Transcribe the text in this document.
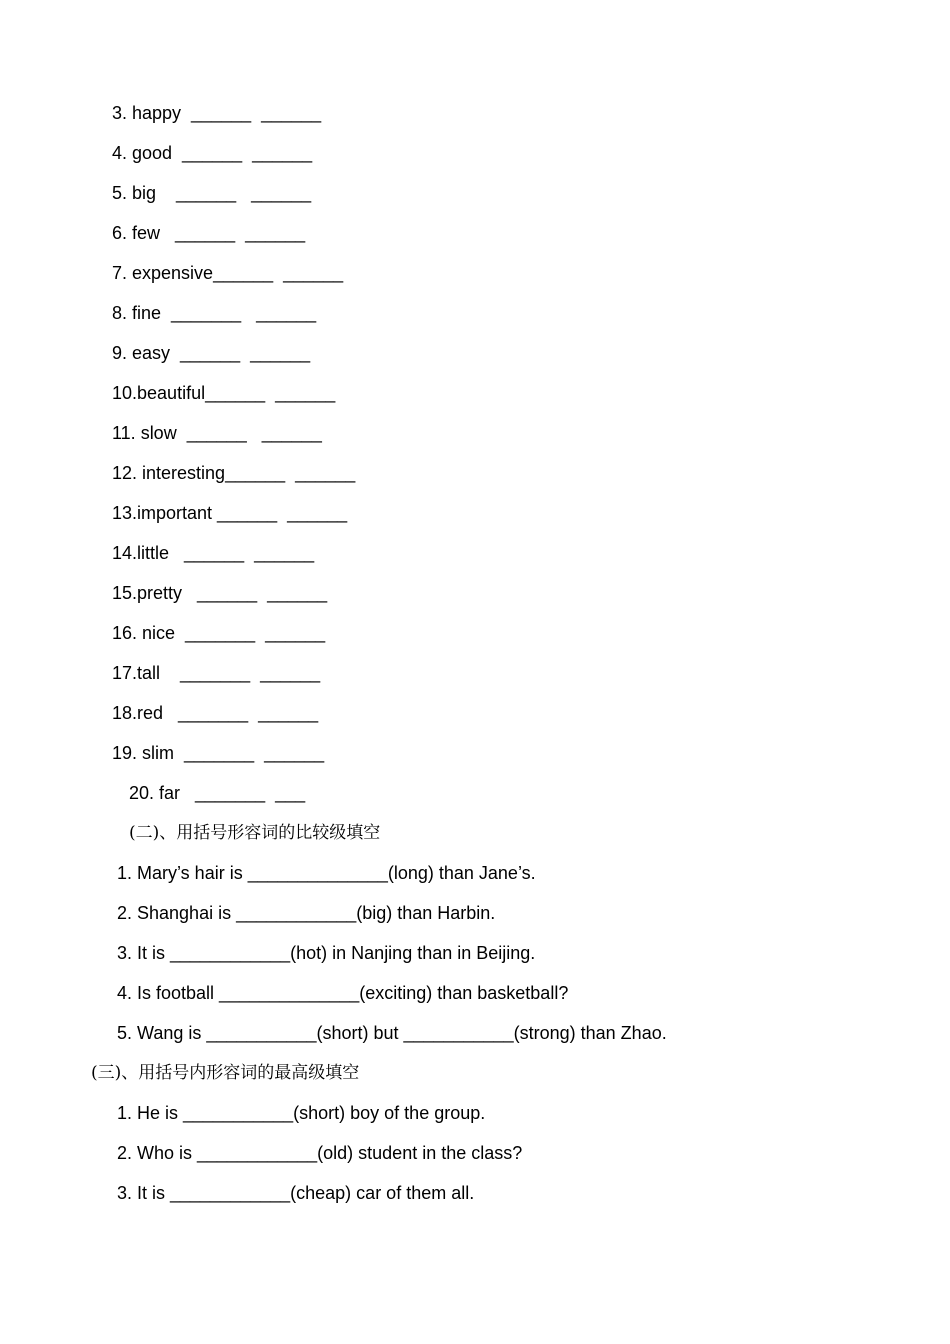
3. happy  ______  ______

4. good  ______  ______

5. big    ______   ______

6. few   ______  ______

7. expensive______  ______

8. fine  _______   ______

9. easy  ______  ______

10.beautiful______  ______

11. slow  ______   ______

12. interesting______  ______

13.important ______  ______

14.little   ______  ______

15.pretty   ______  ______

16. nice  _______  ______

17.tall    _______  ______

18.red   _______  ______

19. slim  _______  ______

20. far   _______  ___

(二)、用括号形容词的比较级填空

1. Mary’s hair is ______________(long) than Jane’s.

2. Shanghai is ____________(big) than Harbin.

3. It is ____________(hot) in Nanjing than in Beijing.

4. Is football ______________(exciting) than basketball?

5. Wang is ___________(short) but ___________(strong) than Zhao.

(三)、用括号内形容词的最高级填空

1. He is ___________(short) boy of the group.

2. Who is ____________(old) student in the class?

3. It is ____________(cheap) car of them all.
